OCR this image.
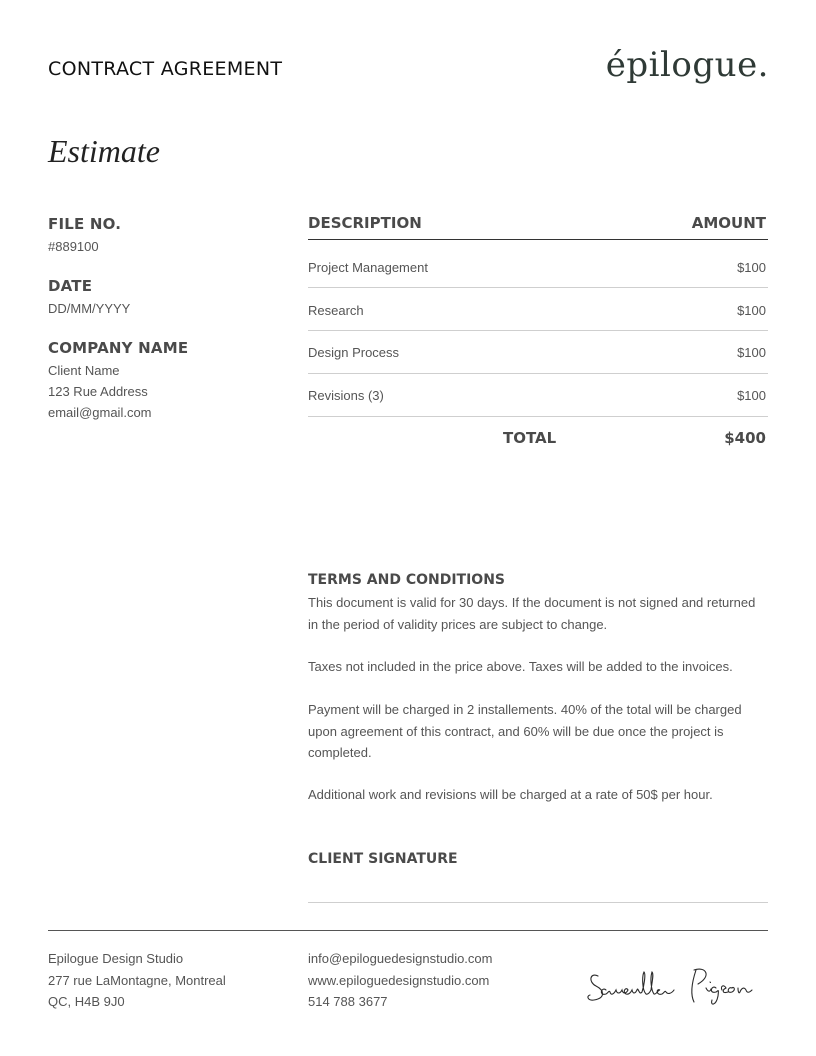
CONTRACT AGREEMENT	épilogue.
Estimate
FILE NO.
#889100
DATE
DD/MM/YYYY
COMPANY NAME
Client Name
123 Rue Address
email@gmail.com
DESCRIPTION	AMOUNT
Project Management	$100
Research	$100
Design Process	$100
Revisions (3)	$100
TOTAL	$400
TERMS AND CONDITIONS
This document is valid for 30 days. If the document is not signed and returned in the period of validity prices are subject to change.
Taxes not included in the price above. Taxes will be added to the invoices.
Payment will be charged in 2 installements. 40% of the total will be charged upon agreement of this contract, and 60% will be due once the project is completed.
Additional work and revisions will be charged at a rate of 50$ per hour.
CLIENT SIGNATURE
Epilogue Design Studio
277 rue LaMontagne, Montreal
QC, H4B 9J0
info@epiloguedesignstudio.com
www.epiloguedesignstudio.com
514 788 3677
